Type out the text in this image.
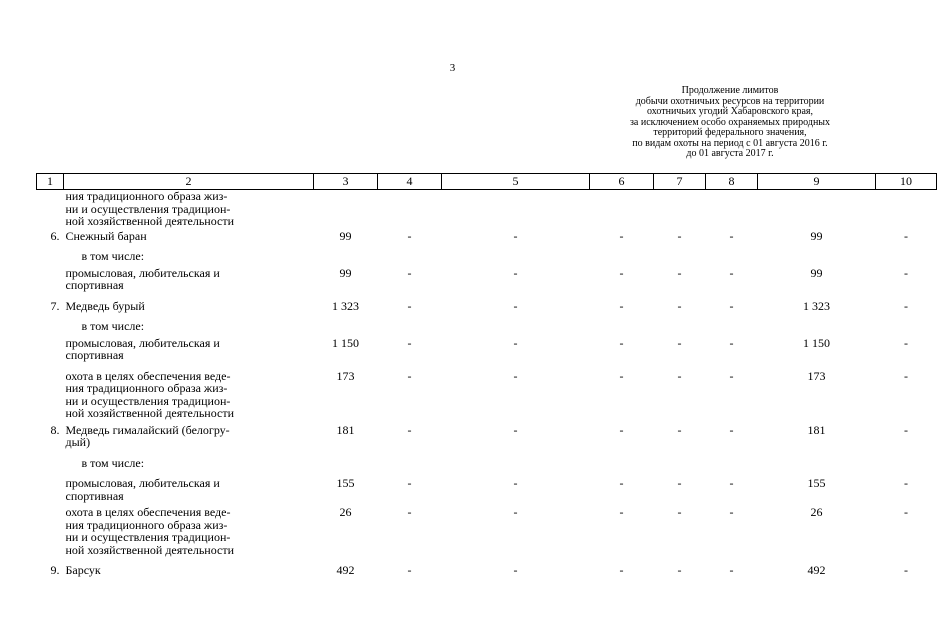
3
Продолжение лимитов
добычи охотничьих ресурсов на территории
охотничьих угодий Хабаровского края,
за исключением особо охраняемых природных
территорий федерального значения,
по видам охоты на период с 01 августа 2016 г.
до 01 августа 2017 г.
1	2	3	4	5	6	7	8	9	10
	ния традиционного образа жиз-
ни и осуществления традицион-
ной хозяйственной деятельности								
6.	Снежный баран	99	-	-	-	-	-	99	-
	в том числе:								
	промысловая, любительская и
спортивная	99	-	-	-	-	-	99	-
7.	Медведь бурый	1 323	-	-	-	-	-	1 323	-
	в том числе:								
	промысловая, любительская и
спортивная	1 150	-	-	-	-	-	1 150	-
	охота в целях обеспечения веде-
ния традиционного образа жиз-
ни и осуществления традицион-
ной хозяйственной деятельности	173	-	-	-	-	-	173	-
8.	Медведь гималайский (белогру-
дый)	181	-	-	-	-	-	181	-
	в том числе:								
	промысловая, любительская и
спортивная	155	-	-	-	-	-	155	-
	охота в целях обеспечения веде-
ния традиционного образа жиз-
ни и осуществления традицион-
ной хозяйственной деятельности	26	-	-	-	-	-	26	-
9.	Барсук	492	-	-	-	-	-	492	-
